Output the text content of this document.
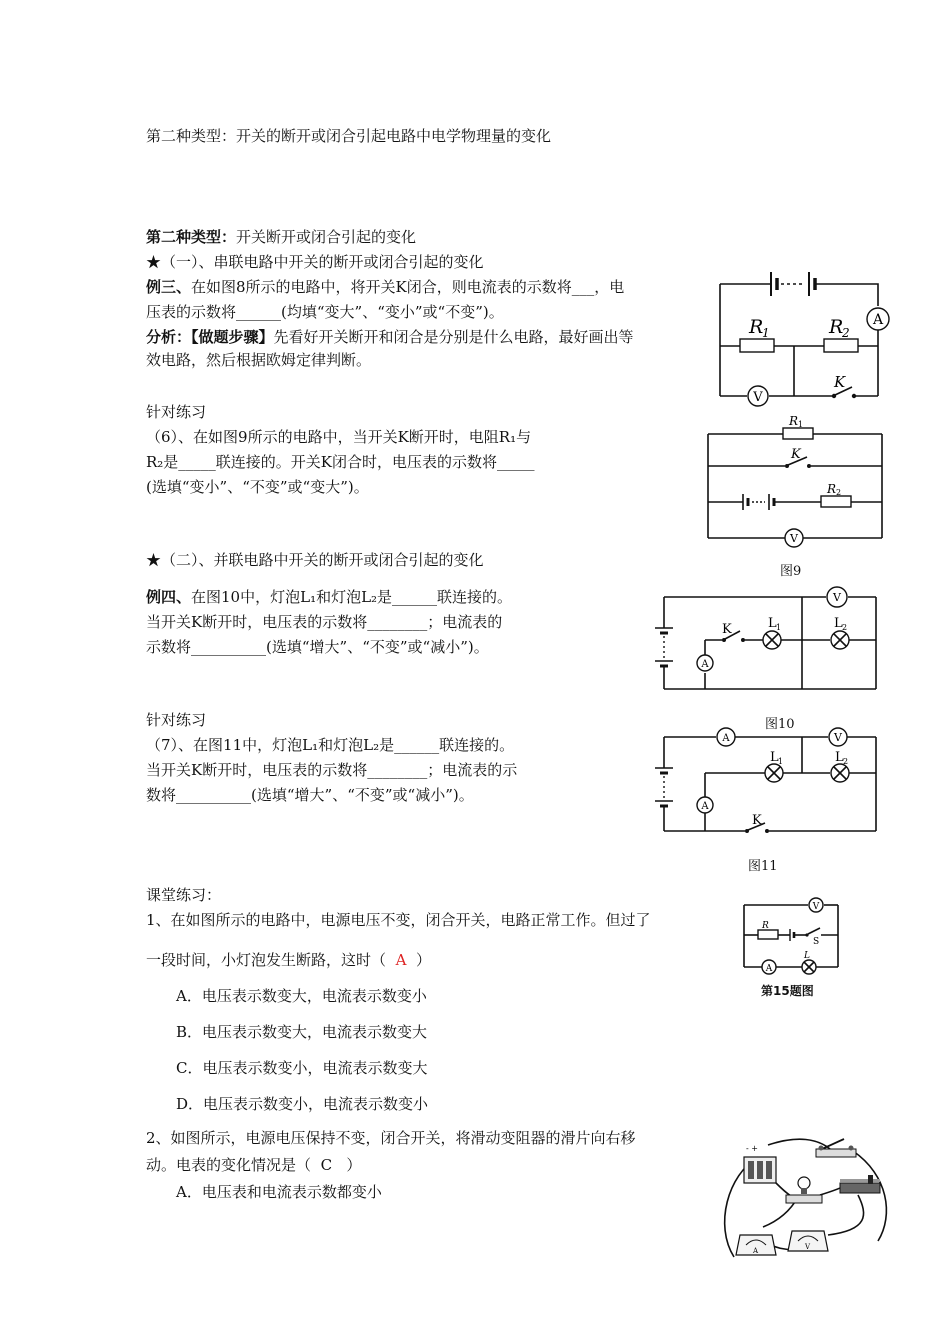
第二种类型：开关的断开或闭合引起电路中电学物理量的变化
第二种类型：开关断开或闭合引起的变化
★（一）、串联电路中开关的断开或闭合引起的变化
例三、在如图8所示的电路中，将开关K闭合，则电流表的示数将___，电
压表的示数将______(均填“变大”、“变小”或“不变”)。
分析：【做题步骤】先看好开关断开和闭合是分别是什么电路，最好画出等
效电路，然后根据欧姆定律判断。
针对练习
（6）、在如图9所示的电路中，当开关K断开时，电阻R₁与
R₂是_____联连接的。开关K闭合时，电压表的示数将_____
(选填“变小”、“不变”或“变大”)。
★（二）、并联电路中开关的断开或闭合引起的变化
例四、在图10中，灯泡L₁和灯泡L₂是______联连接的。
当开关K断开时，电压表的示数将________；电流表的
示数将__________(选填“增大”、“不变”或“减小”)。
针对练习
（7）、在图11中，灯泡L₁和灯泡L₂是______联连接的。
当开关K断开时，电压表的示数将________；电流表的示
数将__________(选填“增大”、“不变”或“减小”)。
课堂练习：
1、在如图所示的电路中，电源电压不变，闭合开关，电路正常工作。但过了
一段时间，小灯泡发生断路，这时（ A ）
A．电压表示数变大，电流表示数变小
B．电压表示数变大，电流表示数变大
C．电压表示数变小，电流表示数变大
D．电压表示数变小，电流表示数变小
2、如图所示，电源电压保持不变，闭合开关，将滑动变阻器的滑片向右移
动。电表的变化情况是（ C ）
A．电压表和电流表示数都变小
A
V
R
1	R
2
K
R 1
K
R 2
V
图9
V
A
K	L 1	L 2
图10
A	V
A
L 1	L 2
K
图11
V
R
S
A
L
第15题图
- +
A	V
